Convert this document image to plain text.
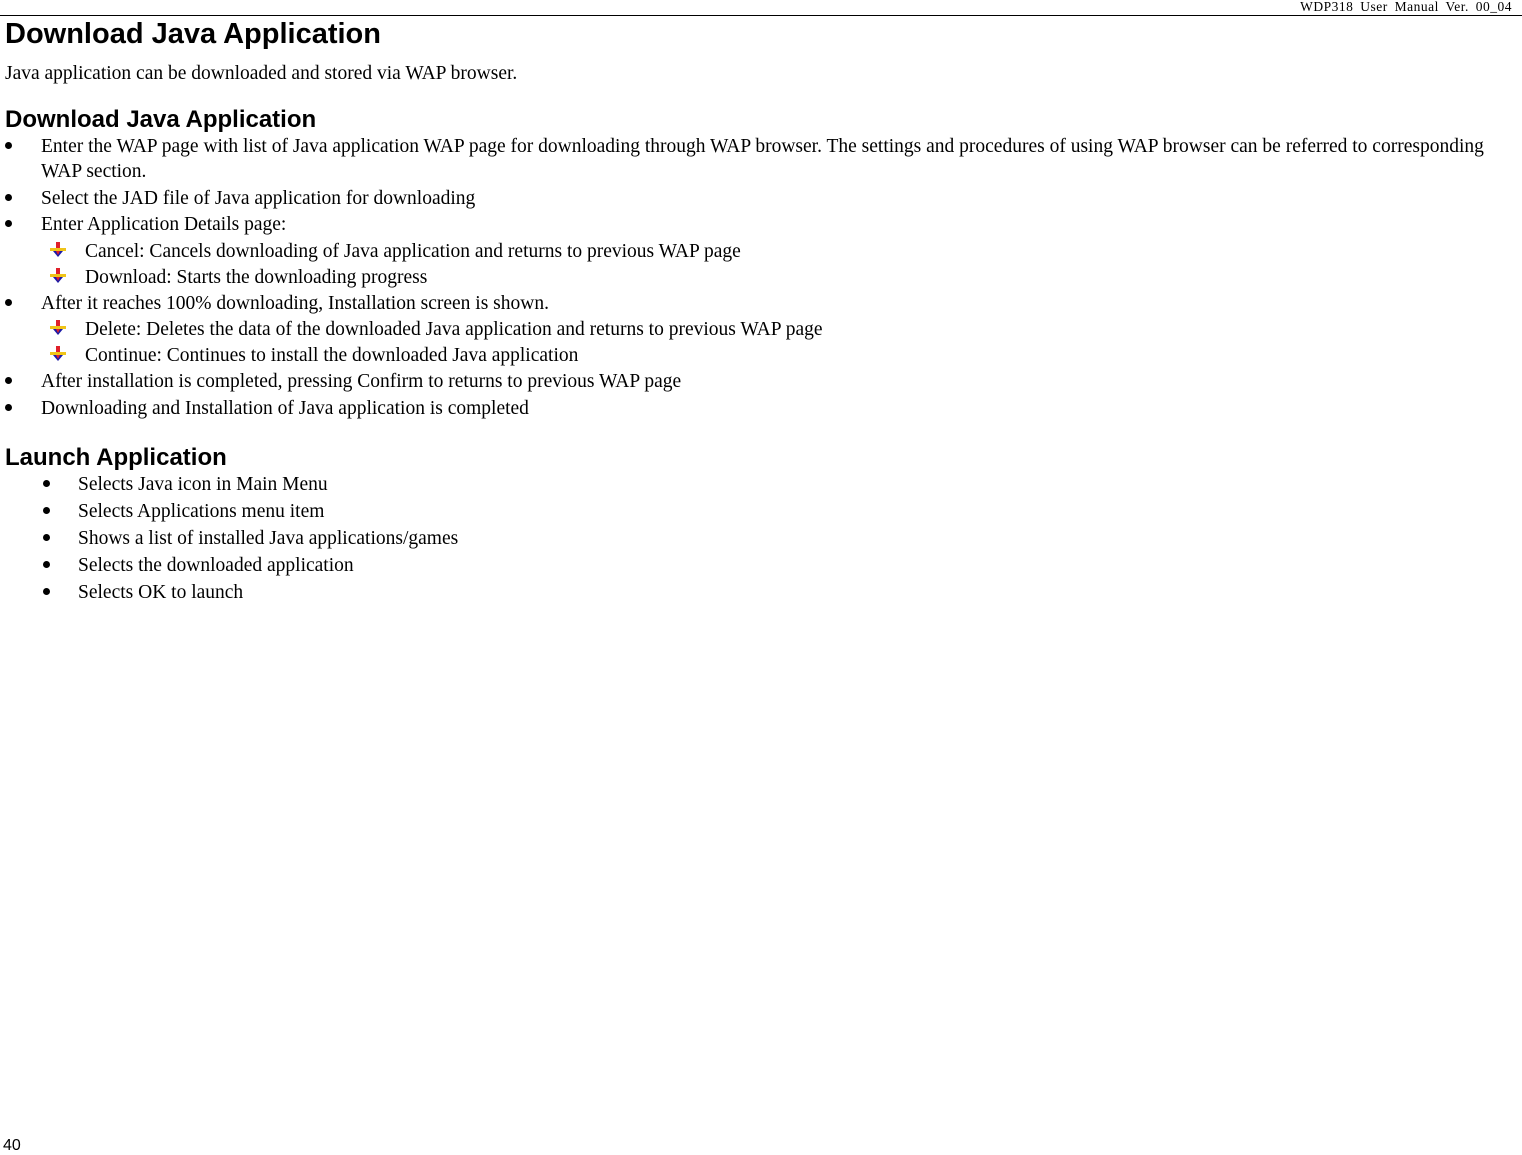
WDP318 User Manual Ver. 00_04
Download Java Application

Java application can be downloaded and stored via WAP browser.

Download Java Application
Enter the WAP page with list of Java application WAP page for downloading through WAP browser. The settings and procedures of using WAP browser can be referred to corresponding WAP section.
Select the JAD file of Java application for downloading
Enter Application Details page:
Cancel: Cancels downloading of Java application and returns to previous WAP page
Download: Starts the downloading progress
After it reaches 100% downloading, Installation screen is shown.
Delete: Deletes the data of the downloaded Java application and returns to previous WAP page
Continue: Continues to install the downloaded Java application
After installation is completed, pressing Confirm to returns to previous WAP page
Downloading and Installation of Java application is completed
Launch Application
Selects Java icon in Main Menu
Selects Applications menu item
Shows a list of installed Java applications/games
Selects the downloaded application
Selects OK to launch
40
